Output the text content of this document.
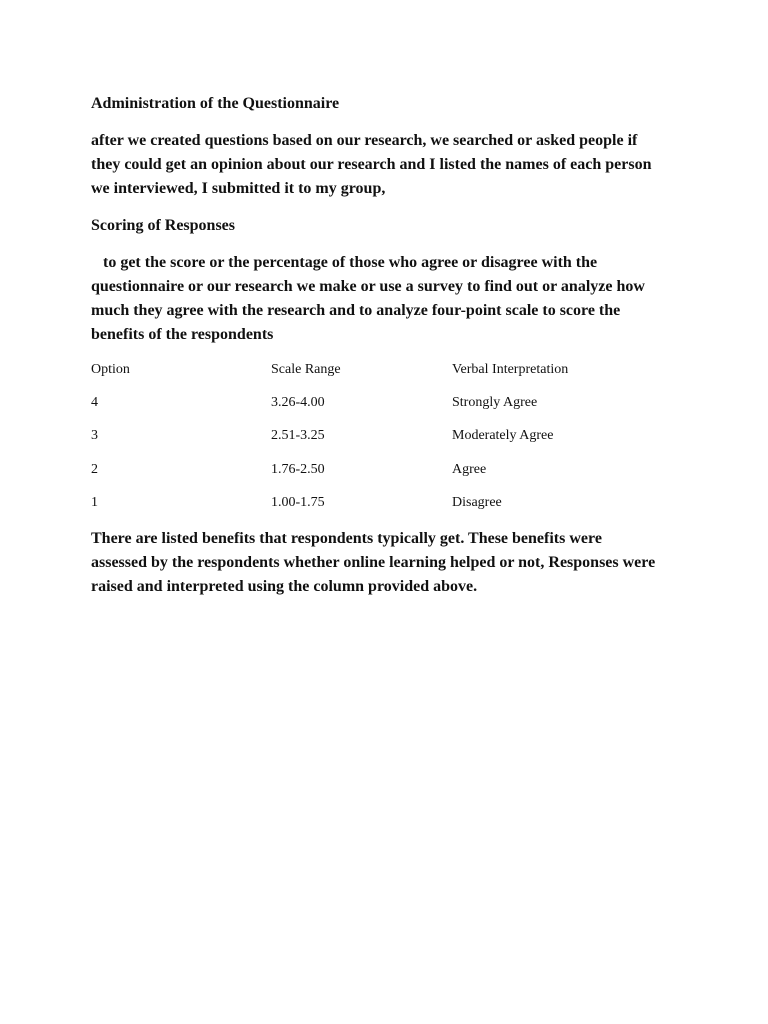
Administration of the Questionnaire
after we created questions based on our research, we searched or asked people if
they could get an opinion about our research and I listed the names of each person
we interviewed, I submitted it to my group,
Scoring of Responses
to get the score or the percentage of those who agree or disagree with the
questionnaire or our research we make or use a survey to find out or analyze how
much they agree with the research and to analyze four-point scale to score the
benefits of the respondents
Option	Scale Range	Verbal Interpretation
4	3.26-4.00	Strongly Agree
3	2.51-3.25	Moderately Agree
2	1.76-2.50	Agree
1	1.00-1.75	Disagree
There are listed benefits that respondents typically get. These benefits were
assessed by the respondents whether online learning helped or not, Responses were
raised and interpreted using the column provided above.
